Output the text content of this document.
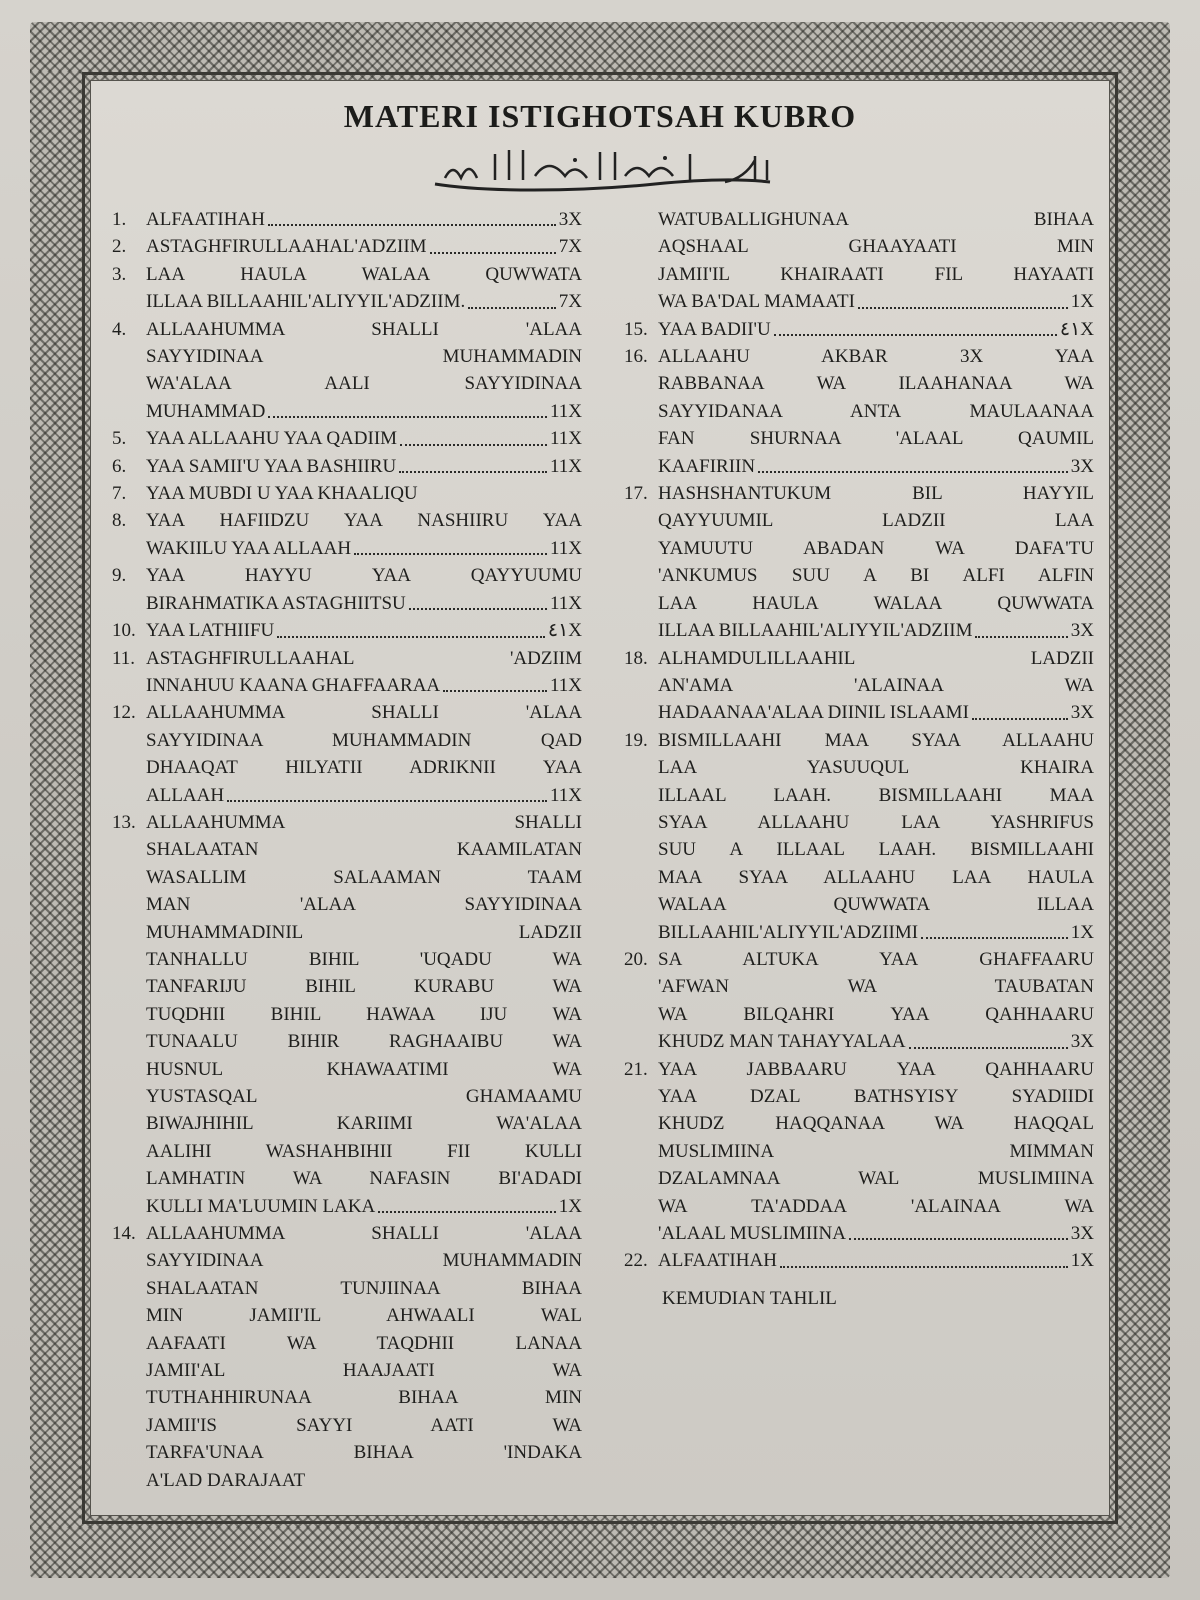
MATERI ISTIGHOTSAH KUBRO
1.	ALFAATIHAH	3X
2.	ASTAGHFIRULLAAHAL'ADZIIM	7X
3.	LAA HAULA WALAA QUWWATA
ILLAA BILLAAHIL'ALIYYIL'ADZIIM.	7X
4.	ALLAAHUMMA SHALLI 'ALAA
SAYYIDINAA MUHAMMADIN
WA'ALAA AALI SAYYIDINAA
MUHAMMAD	11X
5.	YAA ALLAAHU YAA QADIIM	11X
6.	YAA SAMII'U YAA BASHIIRU	11X
7.	YAA MUBDI U YAA KHAALIQU
8.	YAA HAFIIDZU YAA NASHIIRU YAA
WAKIILU YAA ALLAAH	11X
9.	YAA HAYYU YAA QAYYUUMU
BIRAHMATIKA ASTAGHIITSU	11X
10. YAA LATHIIFU	٤١X
11. ASTAGHFIRULLAAHAL 'ADZIIM
INNAHUU KAANA GHAFFAARAA	11X
12. ALLAAHUMMA SHALLI 'ALAA
SAYYIDINAA MUHAMMADIN QAD
DHAAQAT HILYATII ADRIKNII YAA
ALLAAH	11X
13. ALLAAHUMMA SHALLI
SHALAATAN KAAMILATAN
WASALLIM SALAAMAN TAAM
MAN 'ALAA SAYYIDINAA
MUHAMMADINIL LADZII
TANHALLU BIHIL 'UQADU WA
TANFARIJU BIHIL KURABU WA
TUQDHII BIHIL HAWAA IJU WA
TUNAALU BIHIR RAGHAAIBU WA
HUSNUL KHAWAATIMI WA
YUSTASQAL GHAMAAMU
BIWAJHIHIL KARIIMI WA'ALAA
AALIHI WASHAHBIHII FII KULLI
LAMHATIN WA NAFASIN BI'ADADI
KULLI MA'LUUMIN LAKA	1X
14. ALLAAHUMMA SHALLI 'ALAA
SAYYIDINAA MUHAMMADIN
SHALAATAN TUNJIINAA BIHAA
MIN JAMII'IL AHWAALI WAL
AAFAATI WA TAQDHII LANAA
JAMII'AL HAAJAATI WA
TUTHAHHIRUNAA BIHAA MIN
JAMII'IS SAYYI AATI WA
TARFA'UNAA BIHAA 'INDAKA
A'LAD DARAJAAT
WATUBALLIGHUNAA BIHAA
AQSHAAL GHAAYAATI MIN
JAMII'IL KHAIRAATI FIL HAYAATI
WA BA'DAL MAMAATI	1X
15. YAA BADII'U	٤١X
16. ALLAAHU AKBAR 3X YAA
RABBANAA WA ILAAHANAA WA
SAYYIDANAA ANTA MAULAANAA
FAN SHURNAA 'ALAAL QAUMIL
KAAFIRIIN	3X
17. HASHSHANTUKUM BIL HAYYIL
QAYYUUMIL LADZII LAA
YAMUUTU ABADAN WA DAFA'TU
'ANKUMUS SUU A BI ALFI ALFIN
LAA HAULA WALAA QUWWATA
ILLAA BILLAAHIL'ALIYYIL'ADZIIM	3X
18. ALHAMDULILLAAHIL LADZII
AN'AMA 'ALAINAA WA
HADAANAA'ALAA DIINIL ISLAAMI	3X
19. BISMILLAAHI MAA SYAA ALLAAHU
LAA YASUUQUL KHAIRA
ILLAAL LAAH. BISMILLAAHI MAA
SYAA ALLAAHU LAA YASHRIFUS
SUU A ILLAAL LAAH. BISMILLAAHI
MAA SYAA ALLAAHU LAA HAULA
WALAA QUWWATA ILLAA
BILLAAHIL'ALIYYIL'ADZIIMI	1X
20. SA ALTUKA YAA GHAFFAARU
'AFWAN WA TAUBATAN
WA BILQAHRI YAA QAHHAARU
KHUDZ MAN TAHAYYALAA	3X
21. YAA JABBAARU YAA QAHHAARU
YAA DZAL BATHSYISY SYADIIDI
KHUDZ HAQQANAA WA HAQQAL
MUSLIMIINA MIMMAN
DZALAMNAA WAL MUSLIMIINA
WA TA'ADDAA 'ALAINAA WA
'ALAAL MUSLIMIINA	3X
22. ALFAATIHAH	1X
KEMUDIAN TAHLIL
